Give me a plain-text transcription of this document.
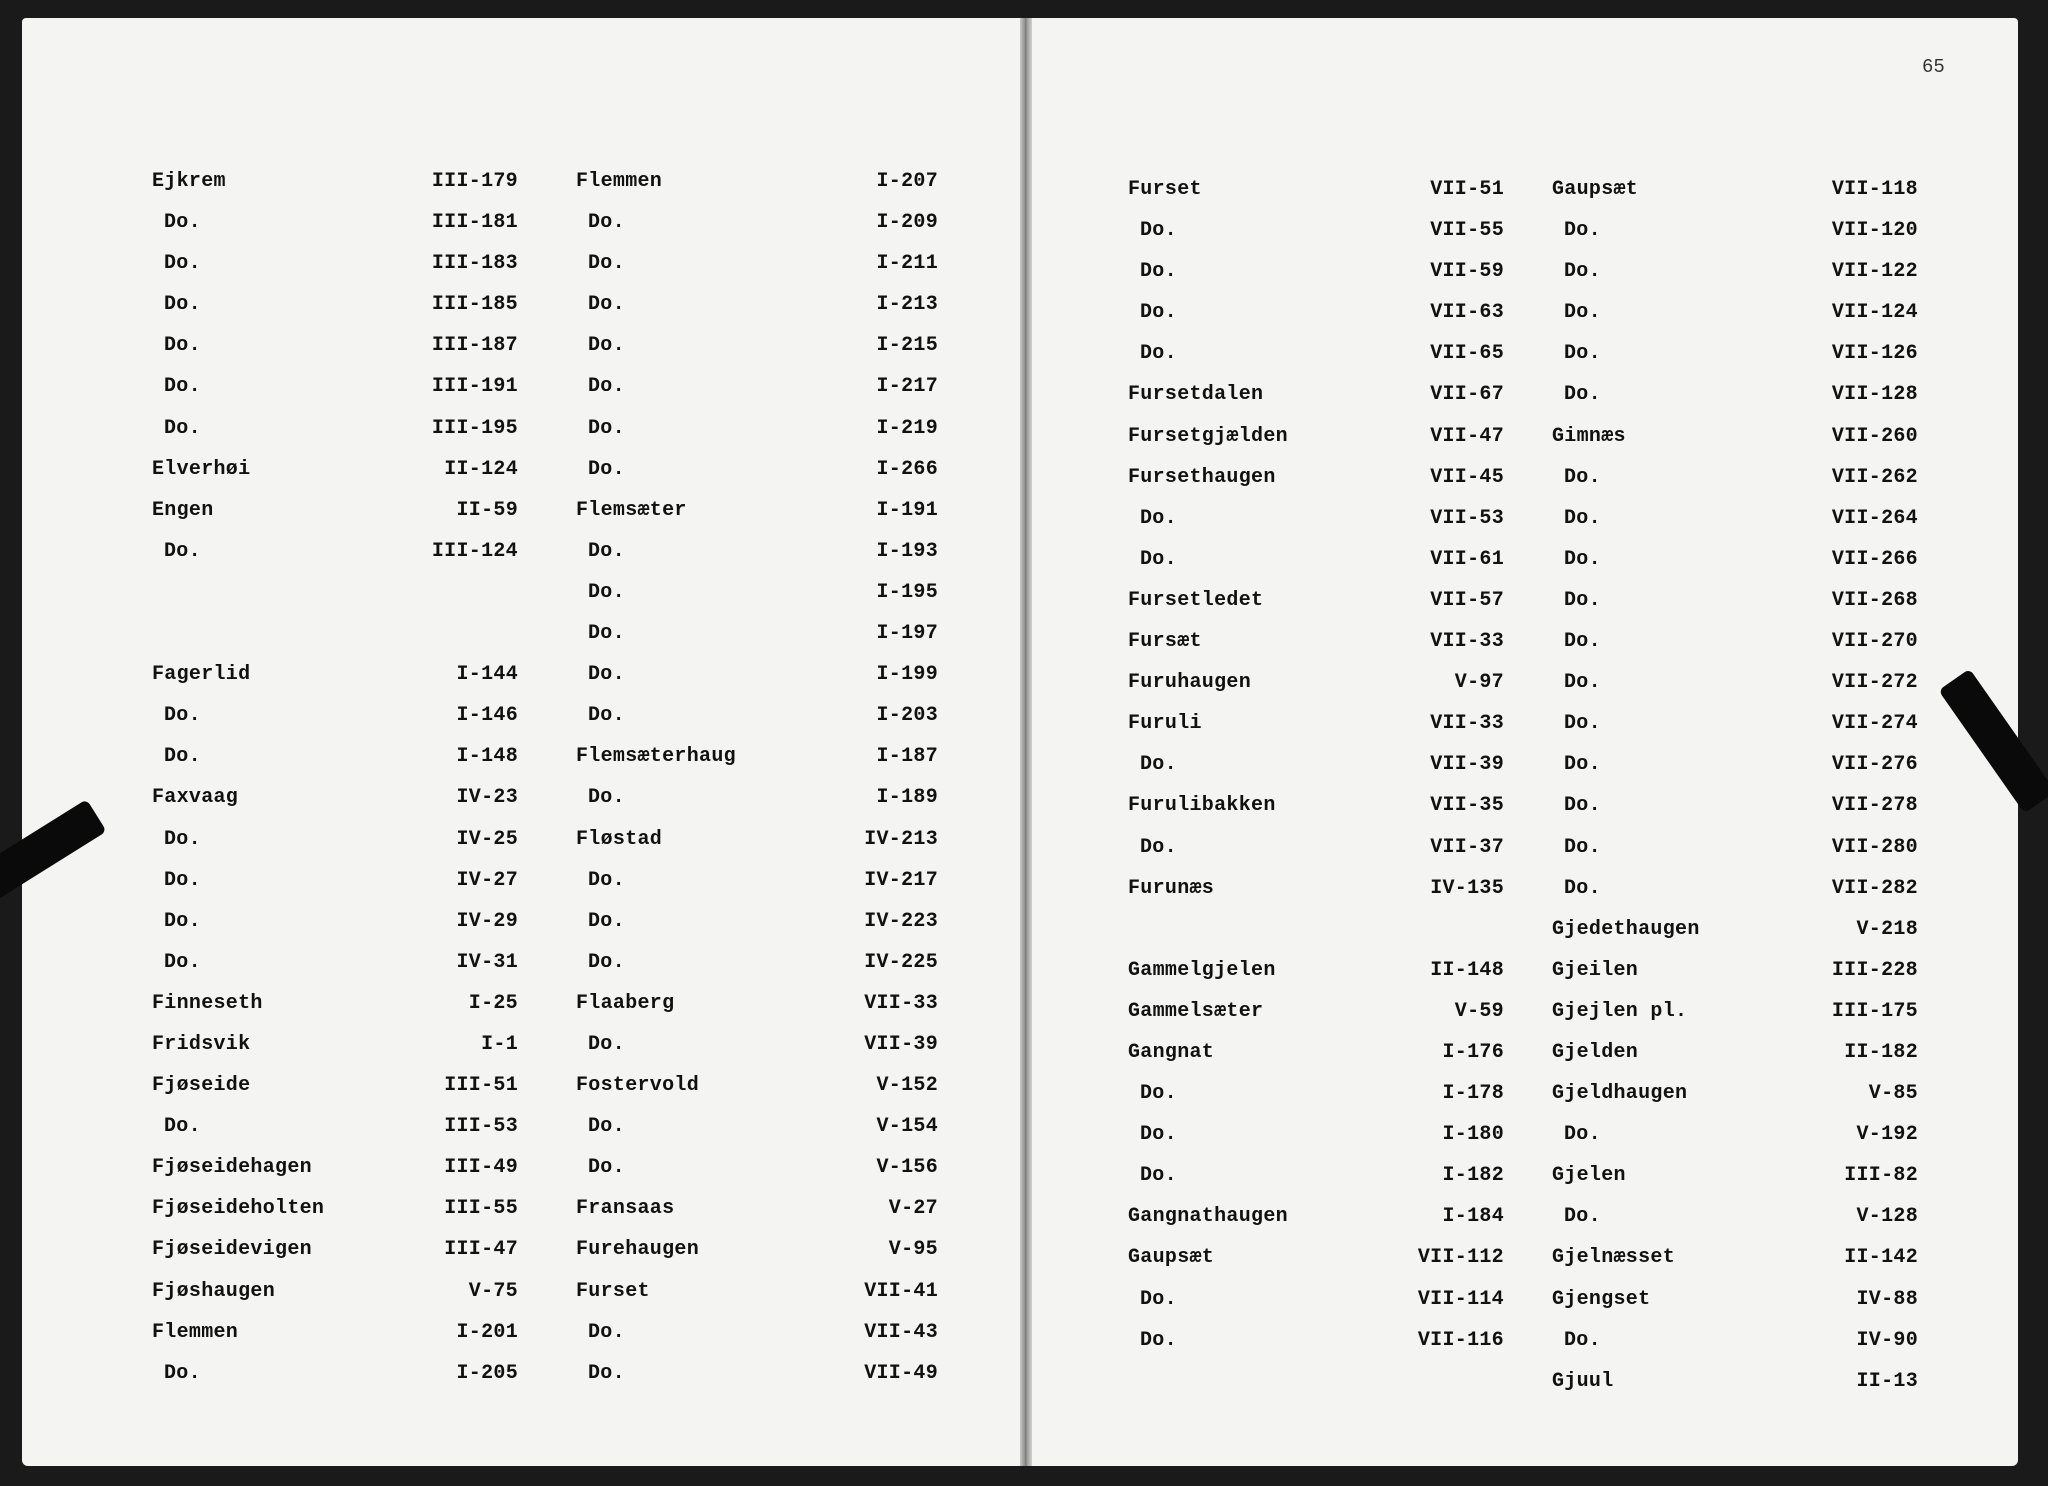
65
Ejkrem	III-179
Do.	III-181
Do.	III-183
Do.	III-185
Do.	III-187
Do.	III-191
Do.	III-195
Elverhøi	II-124
Engen	II-59
Do.	III-124
Fagerlid	I-144
Do.	I-146
Do.	I-148
Faxvaag	IV-23
Do.	IV-25
Do.	IV-27
Do.	IV-29
Do.	IV-31
Finneseth	I-25
Fridsvik	I-1
Fjøseide	III-51
Do.	III-53
Fjøseidehagen	III-49
Fjøseideholten	III-55
Fjøseidevigen	III-47
Fjøshaugen	V-75
Flemmen	I-201
Do.	I-205
Flemmen	I-207
Do.	I-209
Do.	I-211
Do.	I-213
Do.	I-215
Do.	I-217
Do.	I-219
Do.	I-266
Flemsæter	I-191
Do.	I-193
Do.	I-195
Do.	I-197
Do.	I-199
Do.	I-203
Flemsæterhaug	I-187
Do.	I-189
Fløstad	IV-213
Do.	IV-217
Do.	IV-223
Do.	IV-225
Flaaberg	VII-33
Do.	VII-39
Fostervold	V-152
Do.	V-154
Do.	V-156
Fransaas	V-27
Furehaugen	V-95
Furset	VII-41
Do.	VII-43
Do.	VII-49
Furset	VII-51
Do.	VII-55
Do.	VII-59
Do.	VII-63
Do.	VII-65
Fursetdalen	VII-67
Fursetgjælden	VII-47
Fursethaugen	VII-45
Do.	VII-53
Do.	VII-61
Fursetledet	VII-57
Fursæt	VII-33
Furuhaugen	V-97
Furuli	VII-33
Do.	VII-39
Furulibakken	VII-35
Do.	VII-37
Furunæs	IV-135
Gammelgjelen	II-148
Gammelsæter	V-59
Gangnat	I-176
Do.	I-178
Do.	I-180
Do.	I-182
Gangnathaugen	I-184
Gaupsæt	VII-112
Do.	VII-114
Do.	VII-116
Gaupsæt	VII-118
Do.	VII-120
Do.	VII-122
Do.	VII-124
Do.	VII-126
Do.	VII-128
Gimnæs	VII-260
Do.	VII-262
Do.	VII-264
Do.	VII-266
Do.	VII-268
Do.	VII-270
Do.	VII-272
Do.	VII-274
Do.	VII-276
Do.	VII-278
Do.	VII-280
Do.	VII-282
Gjedethaugen	V-218
Gjeilen	III-228
Gjejlen pl.	III-175
Gjelden	II-182
Gjeldhaugen	V-85
Do.	V-192
Gjelen	III-82
Do.	V-128
Gjelnæsset	II-142
Gjengset	IV-88
Do.	IV-90
Gjuul	II-13
